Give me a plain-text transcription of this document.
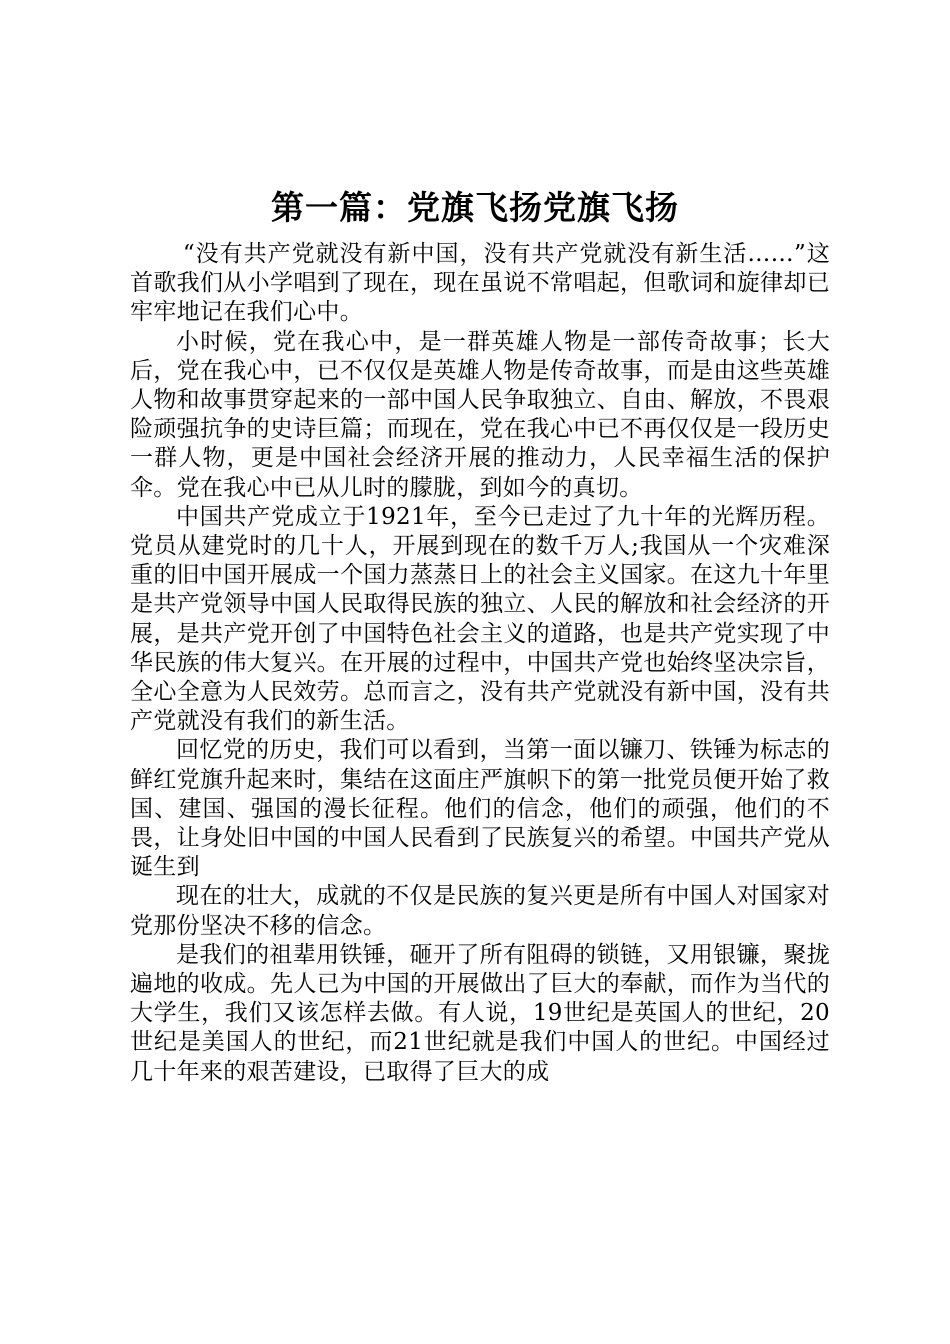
第一篇：党旗飞扬党旗飞扬

“没有共产党就没有新中国，没有共产党就没有新生活……”这首歌我们从小学唱到了现在，现在虽说不常唱起，但歌词和旋律却已牢牢地记在我们心中。

小时候，党在我心中，是一群英雄人物是一部传奇故事；长大后，党在我心中，已不仅仅是英雄人物是传奇故事，而是由这些英雄人物和故事贯穿起来的一部中国人民争取独立、自由、解放，不畏艰险顽强抗争的史诗巨篇；而现在，党在我心中已不再仅仅是一段历史一群人物，更是中国社会经济开展的推动力，人民幸福生活的保护伞。党在我心中已从儿时的朦胧，到如今的真切。

中国共产党成立于1921年，至今已走过了九十年的光辉历程。党员从建党时的几十人，开展到现在的数千万人;我国从一个灾难深重的旧中国开展成一个国力蒸蒸日上的社会主义国家。在这九十年里是共产党领导中国人民取得民族的独立、人民的解放和社会经济的开展，是共产党开创了中国特色社会主义的道路，也是共产党实现了中华民族的伟大复兴。在开展的过程中，中国共产党也始终坚决宗旨，全心全意为人民效劳。总而言之，没有共产党就没有新中国，没有共产党就没有我们的新生活。

回忆党的历史，我们可以看到，当第一面以镰刀、铁锤为标志的鲜红党旗升起来时，集结在这面庄严旗帜下的第一批党员便开始了救国、建国、强国的漫长征程。他们的信念，他们的顽强，他们的不畏，让身处旧中国的中国人民看到了民族复兴的希望。中国共产党从诞生到

现在的壮大，成就的不仅是民族的复兴更是所有中国人对国家对党那份坚决不移的信念。

是我们的祖辈用铁锤，砸开了所有阻碍的锁链，又用银镰，聚拢遍地的收成。先人已为中国的开展做出了巨大的奉献，而作为当代的大学生，我们又该怎样去做。有人说，19世纪是英国人的世纪，20世纪是美国人的世纪，而21世纪就是我们中国人的世纪。中国经过几十年来的艰苦建设，已取得了巨大的成
